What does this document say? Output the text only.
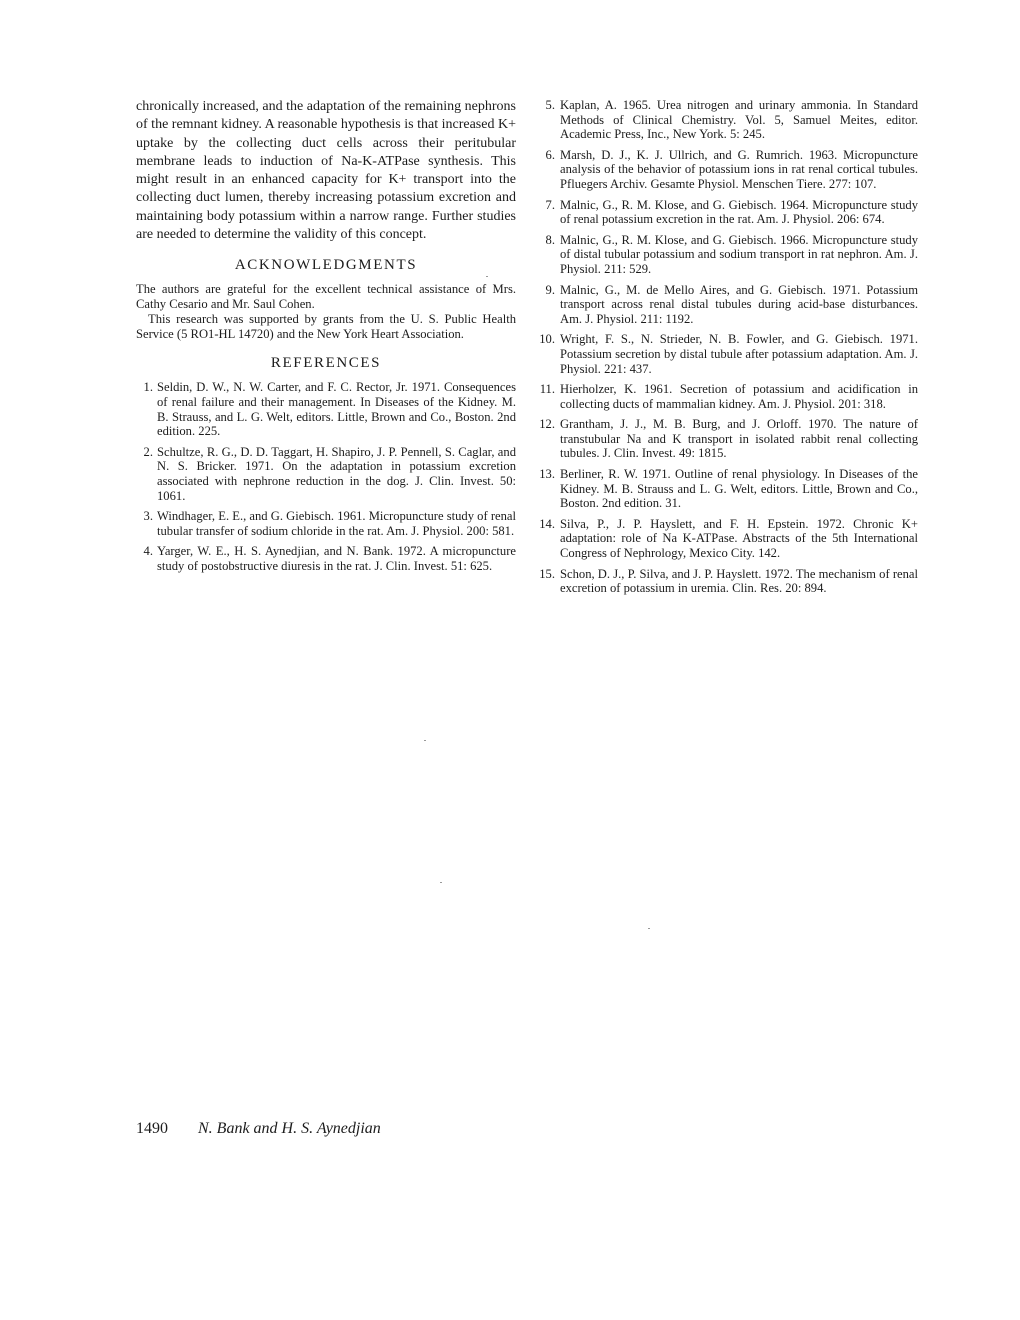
chronically increased, and the adaptation of the remaining nephrons of the remnant kidney. A reasonable hypothesis is that increased K+ uptake by the collecting duct cells across their peritubular membrane leads to induction of Na-K-ATPase synthesis. This might result in an enhanced capacity for K+ transport into the collecting duct lumen, thereby increasing potassium excretion and maintaining body potassium within a narrow range. Further studies are needed to determine the validity of this concept.

ACKNOWLEDGMENTS

The authors are grateful for the excellent technical assistance of Mrs. Cathy Cesario and Mr. Saul Cohen.

This research was supported by grants from the U. S. Public Health Service (5 RO1-HL 14720) and the New York Heart Association.

REFERENCES
1. Seldin, D. W., N. W. Carter, and F. C. Rector, Jr. 1971. Consequences of renal failure and their management. In Diseases of the Kidney. M. B. Strauss, and L. G. Welt, editors. Little, Brown and Co., Boston. 2nd edition. 225.
2. Schultze, R. G., D. D. Taggart, H. Shapiro, J. P. Pennell, S. Caglar, and N. S. Bricker. 1971. On the adaptation in potassium excretion associated with nephrone reduction in the dog. J. Clin. Invest. 50: 1061.
3. Windhager, E. E., and G. Giebisch. 1961. Micropuncture study of renal tubular transfer of sodium chloride in the rat. Am. J. Physiol. 200: 581.
4. Yarger, W. E., H. S. Aynedjian, and N. Bank. 1972. A micropuncture study of postobstructive diuresis in the rat. J. Clin. Invest. 51: 625.
5. Kaplan, A. 1965. Urea nitrogen and urinary ammonia. In Standard Methods of Clinical Chemistry. Vol. 5, Samuel Meites, editor. Academic Press, Inc., New York. 5: 245.
6. Marsh, D. J., K. J. Ullrich, and G. Rumrich. 1963. Micropuncture analysis of the behavior of potassium ions in rat renal cortical tubules. Pfluegers Archiv. Gesamte Physiol. Menschen Tiere. 277: 107.
7. Malnic, G., R. M. Klose, and G. Giebisch. 1964. Micropuncture study of renal potassium excretion in the rat. Am. J. Physiol. 206: 674.
8. Malnic, G., R. M. Klose, and G. Giebisch. 1966. Micropuncture study of distal tubular potassium and sodium transport in rat nephron. Am. J. Physiol. 211: 529.
9. Malnic, G., M. de Mello Aires, and G. Giebisch. 1971. Potassium transport across renal distal tubules during acid-base disturbances. Am. J. Physiol. 211: 1192.
10. Wright, F. S., N. Strieder, N. B. Fowler, and G. Giebisch. 1971. Potassium secretion by distal tubule after potassium adaptation. Am. J. Physiol. 221: 437.
11. Hierholzer, K. 1961. Secretion of potassium and acidification in collecting ducts of mammalian kidney. Am. J. Physiol. 201: 318.
12. Grantham, J. J., M. B. Burg, and J. Orloff. 1970. The nature of transtubular Na and K transport in isolated rabbit renal collecting tubules. J. Clin. Invest. 49: 1815.
13. Berliner, R. W. 1971. Outline of renal physiology. In Diseases of the Kidney. M. B. Strauss and L. G. Welt, editors. Little, Brown and Co., Boston. 2nd edition. 31.
14. Silva, P., J. P. Hayslett, and F. H. Epstein. 1972. Chronic K+ adaptation: role of Na K-ATPase. Abstracts of the 5th International Congress of Nephrology, Mexico City. 142.
15. Schon, D. J., P. Silva, and J. P. Hayslett. 1972. The mechanism of renal excretion of potassium in uremia. Clin. Res. 20: 894.
1490 N. Bank and H. S. Aynedjian
